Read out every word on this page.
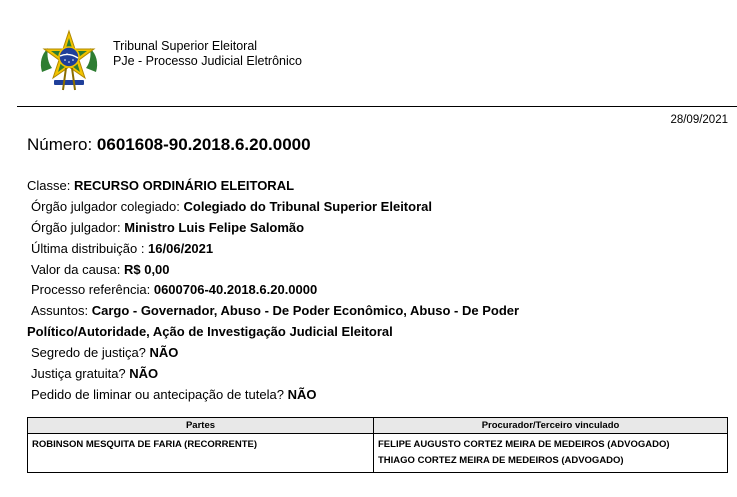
Tribunal Superior Eleitoral
PJe - Processo Judicial Eletrônico
28/09/2021
Número: 0601608-90.2018.6.20.0000
Classe: RECURSO ORDINÁRIO ELEITORAL
Órgão julgador colegiado: Colegiado do Tribunal Superior Eleitoral
Órgão julgador: Ministro Luis Felipe Salomão
Última distribuição : 16/06/2021
Valor da causa: R$ 0,00
Processo referência: 0600706-40.2018.6.20.0000
Assuntos: Cargo - Governador, Abuso - De Poder Econômico, Abuso - De Poder
Político/Autoridade, Ação de Investigação Judicial Eleitoral
Segredo de justiça? NÃO
Justiça gratuita? NÃO
Pedido de liminar ou antecipação de tutela? NÃO
Partes	Procurador/Terceiro vinculado
ROBINSON MESQUITA DE FARIA (RECORRENTE)	FELIPE AUGUSTO CORTEZ MEIRA DE MEDEIROS (ADVOGADO)
THIAGO CORTEZ MEIRA DE MEDEIROS (ADVOGADO)
